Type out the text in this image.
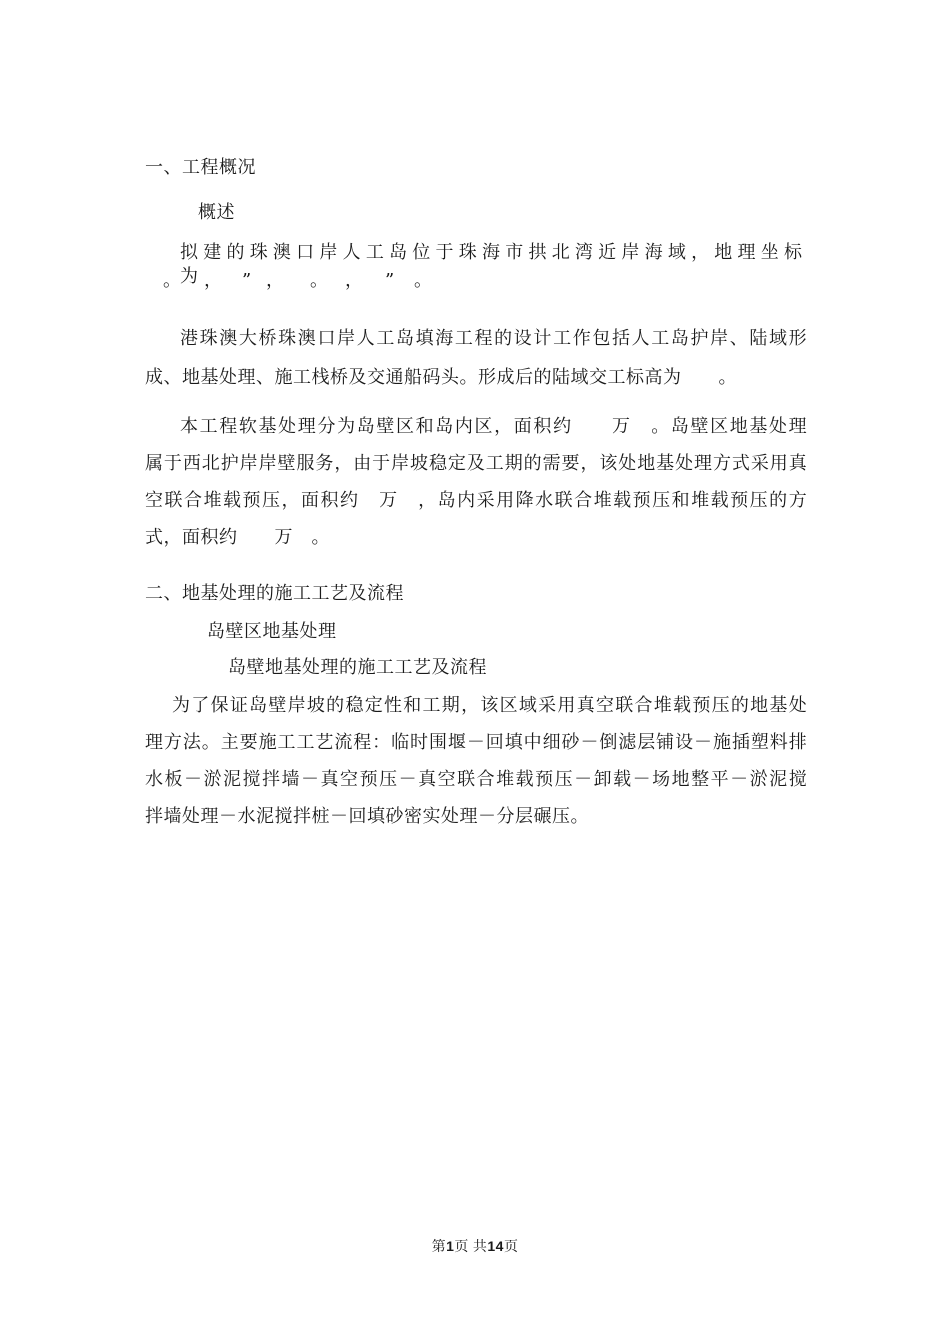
一、工程概况
概述
拟建的珠澳口岸人工岛位于珠海市拱北湾近岸海域，地理坐标为
。 ， ” ， 。 ， ” 。
港珠澳大桥珠澳口岸人工岛填海工程的设计工作包括人工岛护岸、陆域形
成、地基处理、施工栈桥及交通船码头。形成后的陆域交工标高为　　。
本工程软基处理分为岛壁区和岛内区，面积约　　万　。岛壁区地基处理
属于西北护岸岸壁服务，由于岸坡稳定及工期的需要，该处地基处理方式采用真
空联合堆载预压，面积约　万　，岛内采用降水联合堆载预压和堆载预压的方
式，面积约　　万　。
二、地基处理的施工工艺及流程
岛壁区地基处理
岛壁地基处理的施工工艺及流程
为了保证岛壁岸坡的稳定性和工期，该区域采用真空联合堆载预压的地基处
理方法。主要施工工艺流程：临时围堰－回填中细砂－倒滤层铺设－施插塑料排
水板－淤泥搅拌墙－真空预压－真空联合堆载预压－卸载－场地整平－淤泥搅
拌墙处理－水泥搅拌桩－回填砂密实处理－分层碾压。
第1页 共14页
